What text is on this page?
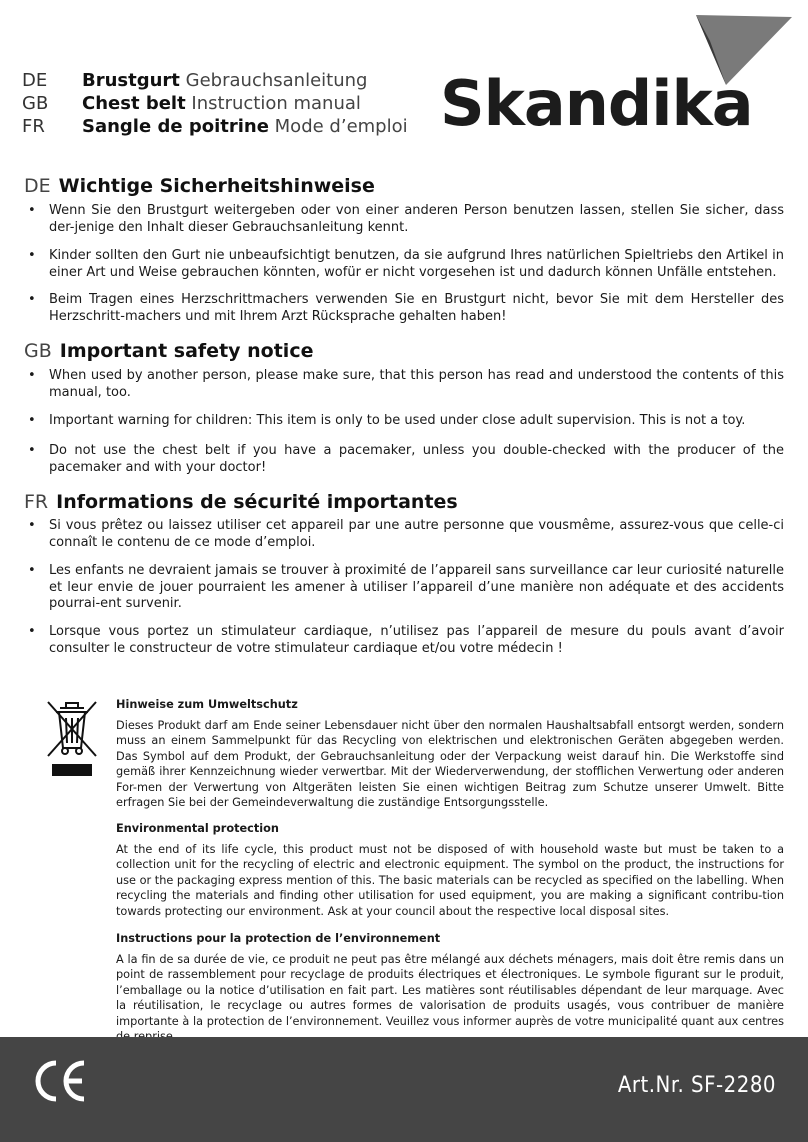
DE Brustgurt Gebrauchsanleitung
GB Chest belt Instruction manual
FR Sangle de poitrine Mode d’emploi Skandika
DE Wichtige Sicherheitshinweise
• Wenn Sie den Brustgurt weitergeben oder von einer anderen Person benutzen lassen, stellen Sie sicher, dass der-jenige den Inhalt dieser Gebrauchsanleitung kennt.
• Kinder sollten den Gurt nie unbeaufsichtigt benutzen, da sie aufgrund Ihres natürlichen Spieltriebs den Artikel in einer Art und Weise gebrauchen könnten, wofür er nicht vorgesehen ist und dadurch können Unfälle entstehen.
• Beim Tragen eines Herzschrittmachers verwenden Sie en Brustgurt nicht, bevor Sie mit dem Hersteller des Herzschritt-machers und mit Ihrem Arzt Rücksprache gehalten haben!
GB Important safety notice
• When used by another person, please make sure, that this person has read and understood the contents of this manual, too.
• Important warning for children: This item is only to be used under close adult supervision. This is not a toy.
• Do not use the chest belt if you have a pacemaker, unless you double-checked with the producer of the pacemaker and with your doctor!
FR Informations de sécurité importantes
• Si vous prêtez ou laissez utiliser cet appareil par une autre personne que vousmême, assurez-vous que celle-ci connaît le contenu de ce mode d’emploi.
• Les enfants ne devraient jamais se trouver à proximité de l’appareil sans surveillance car leur curiosité naturelle et leur envie de jouer pourraient les amener à utiliser l’appareil d’une manière non adéquate et des accidents pourrai-ent survenir.
• Lorsque vous portez un stimulateur cardiaque, n’utilisez pas l’appareil de mesure du pouls avant d’avoir consulter le constructeur de votre stimulateur cardiaque et/ou votre médecin !
Hinweise zum Umweltschutz

Dieses Produkt darf am Ende seiner Lebensdauer nicht über den normalen Haushaltsabfall entsorgt werden, sondern muss an einem Sammelpunkt für das Recycling von elektrischen und elektronischen Geräten abgegeben werden. Das Symbol auf dem Produkt, der Gebrauchsanleitung oder der Verpackung weist darauf hin. Die Werkstoffe sind gemäß ihrer Kennzeichnung wieder verwertbar. Mit der Wiederverwendung, der stofflichen Verwertung oder anderen For-men der Verwertung von Altgeräten leisten Sie einen wichtigen Beitrag zum Schutze unserer Umwelt. Bitte erfragen Sie bei der Gemeindeverwaltung die zuständige Entsorgungsstelle.

Environmental protection

At the end of its life cycle, this product must not be disposed of with household waste but must be taken to a collection unit for the recycling of electric and electronic equipment. The symbol on the product, the instructions for use or the packaging express mention of this. The basic materials can be recycled as specified on the labelling. When recycling the materials and finding other utilisation for used equipment, you are making a significant contribu-tion towards protecting our environment. Ask at your council about the respective local disposal sites.

Instructions pour la protection de l’environnement

A la fin de sa durée de vie, ce produit ne peut pas être mélangé aux déchets ménagers, mais doit être remis dans un point de rassemblement pour recyclage de produits électriques et électroniques. Le symbole figurant sur le produit, l’emballage ou la notice d’utilisation en fait part. Les matières sont réutilisables dépendant de leur marquage. Avec la réutilisation, le recyclage ou autres formes de valorisation de produits usagés, vous contribuer de manière importante à la protection de l’environnement. Veuillez vous informer auprès de votre municipalité quant aux centres

Art.Nr. SF-2280
